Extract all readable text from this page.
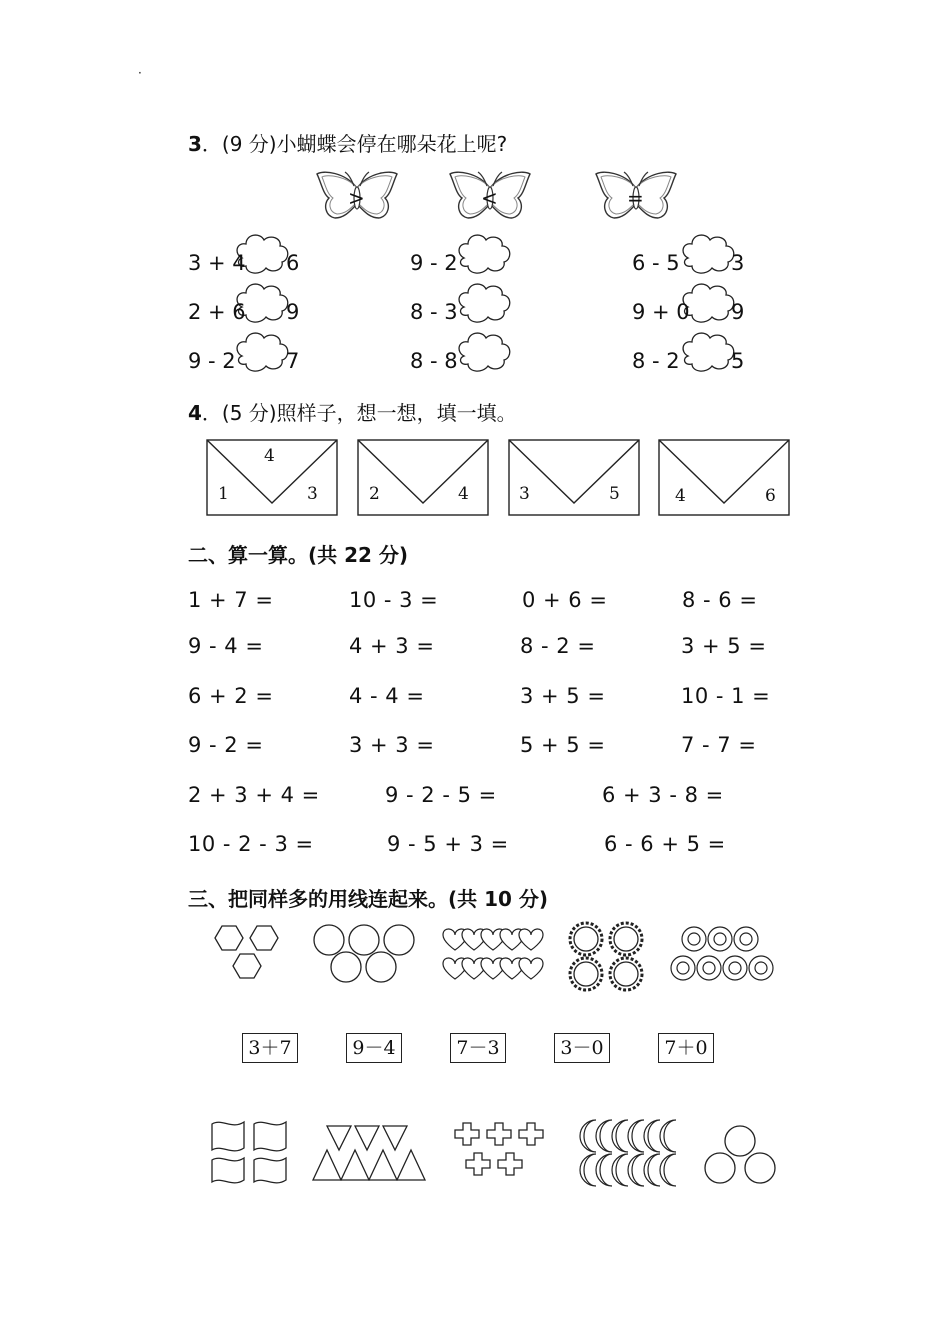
·
3．(9 分)小蝴蝶会停在哪朵花上呢?
>	<	=
3 + 4 6	9 - 2	6 - 5 3
2 + 6 9	8 - 3	9 + 0 9
9 - 2 7	8 - 8	8 - 2 5
4．(5 分)照样子，想一想，填一填。
4
1	3	2	4	3	5	4	6
二、算一算。(共 22 分)
1 + 7 =	10 - 3 =	0 + 6 =	8 - 6 =
9 - 4 =	4 + 3 =	8 - 2 =	3 + 5 =
6 + 2 =	4 - 4 =	3 + 5 =	10 - 1 =
9 - 2 =	3 + 3 =	5 + 5 =	7 - 7 =
2 + 3 + 4 =	9 - 2 - 5 =	6 + 3 - 8 =
10 - 2 - 3 =	9 - 5 + 3 =	6 - 6 + 5 =
三、把同样多的用线连起来。(共 10 分)
3＋7	9－4	7－3	3－0	7＋0
